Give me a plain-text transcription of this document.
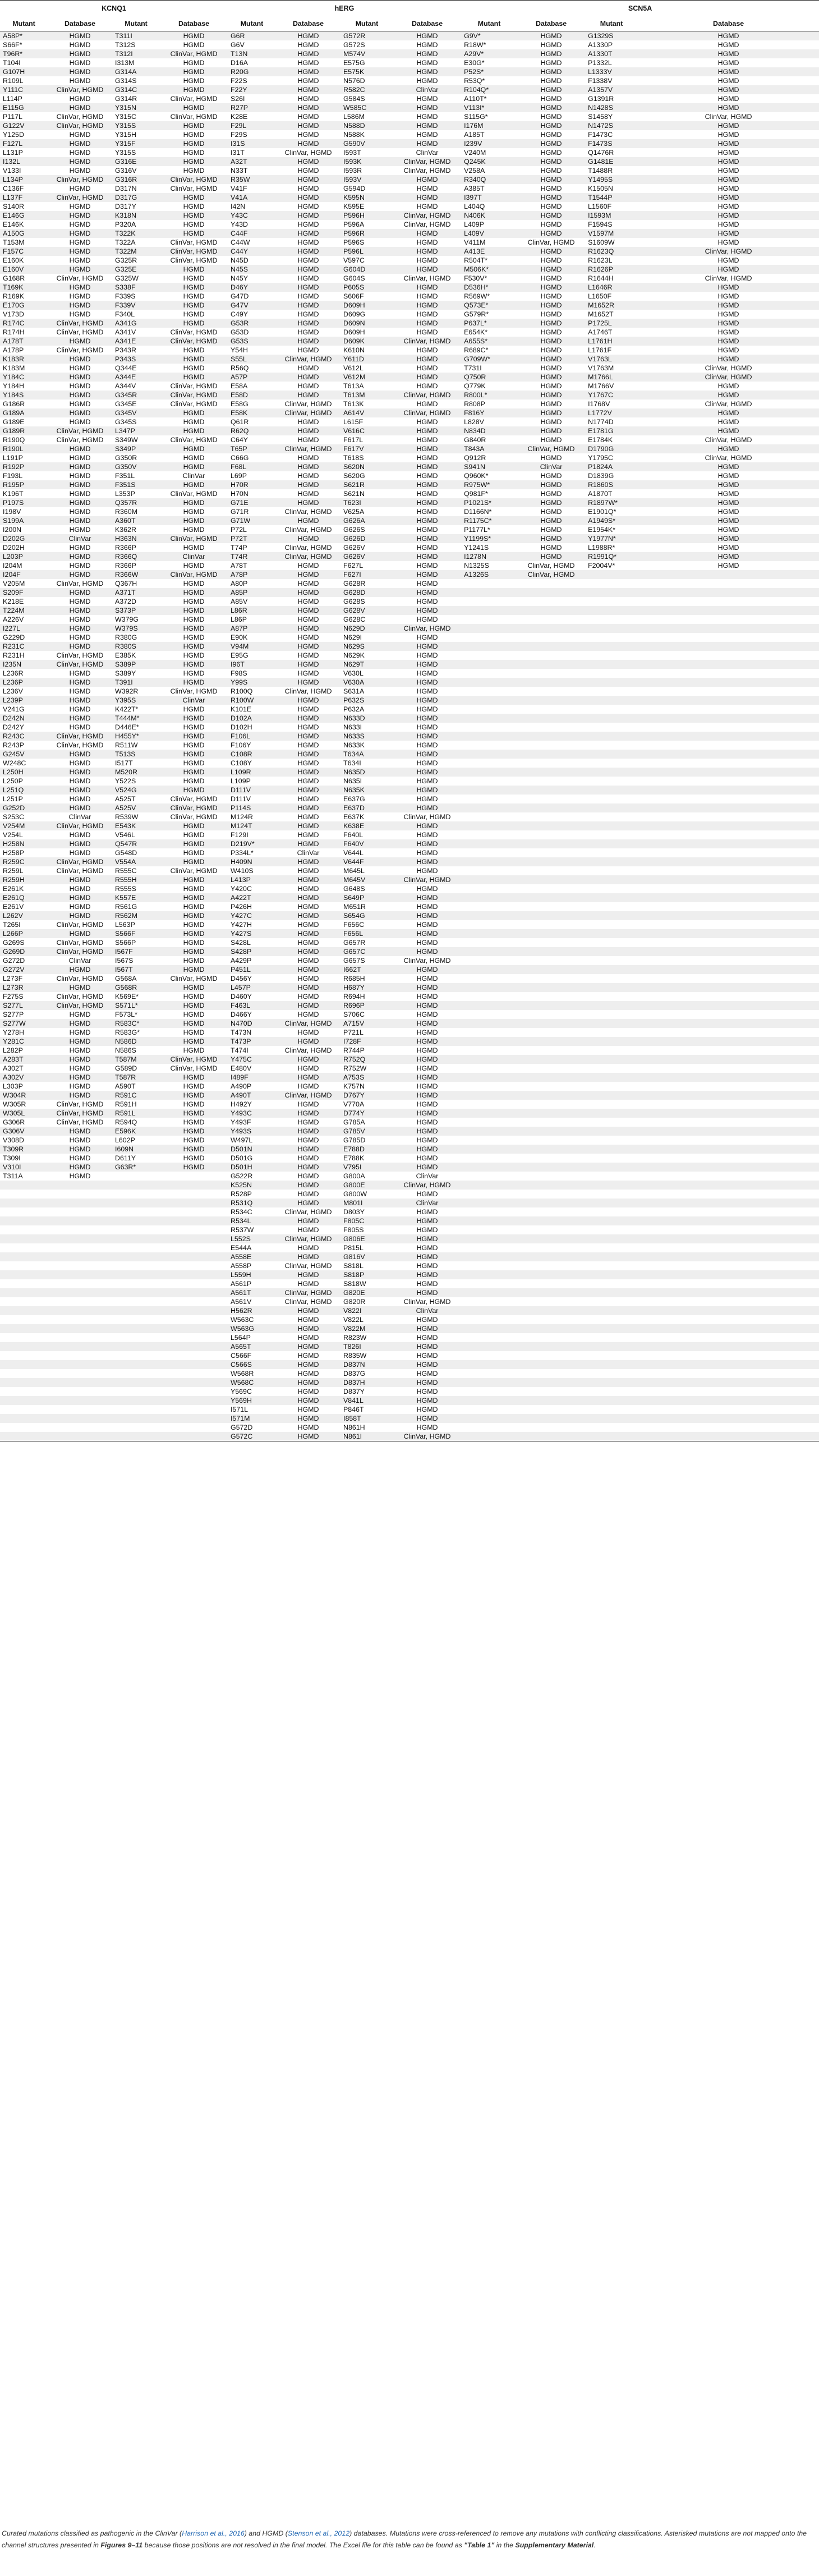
KCNQ1				hERG				SCN5A			
Mutant	Database	Mutant	Database	Mutant	Database	Mutant	Database	Mutant	Database	Mutant	Database
A58P*	HGMD	T311I	HGMD	G6R	HGMD	G572R	HGMD	G9V*	HGMD	G1329S	HGMD
S66F*	HGMD	T312S	HGMD	G6V	HGMD	G572S	HGMD	R18W*	HGMD	A1330P	HGMD
T96R*	HGMD	T312I	ClinVar, HGMD	T13N	HGMD	M574V	HGMD	A29V*	HGMD	A1330T	HGMD
T104I	HGMD	I313M	HGMD	D16A	HGMD	E575G	HGMD	E30G*	HGMD	P1332L	HGMD
G107H	HGMD	G314A	HGMD	R20G	HGMD	E575K	HGMD	P52S*	HGMD	L1333V	HGMD
R109L	HGMD	G314S	HGMD	F22S	HGMD	N576D	HGMD	R53Q*	HGMD	F1338V	HGMD
Y111C	ClinVar, HGMD	G314C	HGMD	F22Y	HGMD	R582C	ClinVar	R104Q*	HGMD	A1357V	HGMD
L114P	HGMD	G314R	ClinVar, HGMD	S26I	HGMD	G584S	HGMD	A110T*	HGMD	G1391R	HGMD
E115G	HGMD	Y315N	HGMD	R27P	HGMD	W585C	HGMD	V113I*	HGMD	N1428S	HGMD
P117L	ClinVar, HGMD	Y315C	ClinVar, HGMD	K28E	HGMD	L586M	HGMD	S115G*	HGMD	S1458Y	ClinVar, HGMD
G122V	ClinVar, HGMD	Y315S	HGMD	F29L	HGMD	N588D	HGMD	I176M	HGMD	N1472S	HGMD
Y125D	HGMD	Y315H	HGMD	F29S	HGMD	N588K	HGMD	A185T	HGMD	F1473C	HGMD
F127L	HGMD	Y315F	HGMD	I31S	HGMD	G590V	HGMD	I239V	HGMD	F1473S	HGMD
L131P	HGMD	Y315S	HGMD	I31T	ClinVar, HGMD	I593T	ClinVar	V240M	HGMD	Q1476R	HGMD
I132L	HGMD	G316E	HGMD	A32T	HGMD	I593K	ClinVar, HGMD	Q245K	HGMD	G1481E	HGMD
V133I	HGMD	G316V	HGMD	N33T	HGMD	I593R	ClinVar, HGMD	V258A	HGMD	T1488R	HGMD
L134P	ClinVar, HGMD	G316R	ClinVar, HGMD	R35W	HGMD	I593V	HGMD	R340Q	HGMD	Y1495S	HGMD
C136F	HGMD	D317N	ClinVar, HGMD	V41F	HGMD	G594D	HGMD	A385T	HGMD	K1505N	HGMD
L137F	ClinVar, HGMD	D317G	HGMD	V41A	HGMD	K595N	HGMD	I397T	HGMD	T1544P	HGMD
S140R	HGMD	D317Y	HGMD	I42N	HGMD	K595E	HGMD	L404Q	HGMD	L1560F	HGMD
E146G	HGMD	K318N	HGMD	Y43C	HGMD	P596H	ClinVar, HGMD	N406K	HGMD	I1593M	HGMD
E146K	HGMD	P320A	HGMD	Y43D	HGMD	P596A	ClinVar, HGMD	L409P	HGMD	F1594S	HGMD
A150G	HGMD	T322K	HGMD	C44F	HGMD	P596R	HGMD	L409V	HGMD	V1597M	HGMD
T153M	HGMD	T322A	ClinVar, HGMD	C44W	HGMD	P596S	HGMD	V411M	ClinVar, HGMD	S1609W	HGMD
F157C	HGMD	T322M	ClinVar, HGMD	C44Y	HGMD	P596L	HGMD	A413E	HGMD	R1623Q	ClinVar, HGMD
E160K	HGMD	G325R	ClinVar, HGMD	N45D	HGMD	V597C	HGMD	R504T*	HGMD	R1623L	HGMD
E160V	HGMD	G325E	HGMD	N45S	HGMD	G604D	HGMD	M506K*	HGMD	R1626P	HGMD
G168R	ClinVar, HGMD	G325W	HGMD	N45Y	HGMD	G604S	ClinVar, HGMD	F530V*	HGMD	R1644H	ClinVar, HGMD
T169K	HGMD	S338F	HGMD	D46Y	HGMD	P605S	HGMD	D536H*	HGMD	L1646R	HGMD
R169K	HGMD	F339S	HGMD	G47D	HGMD	S606F	HGMD	R569W*	HGMD	L1650F	HGMD
E170G	HGMD	F339V	HGMD	G47V	HGMD	D609H	HGMD	Q573E*	HGMD	M1652R	HGMD
V173D	HGMD	F340L	HGMD	C49Y	HGMD	D609G	HGMD	G579R*	HGMD	M1652T	HGMD
R174C	ClinVar, HGMD	A341G	HGMD	G53R	HGMD	D609N	HGMD	P637L*	HGMD	P1725L	HGMD
R174H	ClinVar, HGMD	A341V	ClinVar, HGMD	G53D	HGMD	D609H	HGMD	E654K*	HGMD	A1746T	HGMD
A178T	HGMD	A341E	ClinVar, HGMD	G53S	HGMD	D609K	ClinVar, HGMD	A655S*	HGMD	L1761H	HGMD
A178P	ClinVar, HGMD	P343R	HGMD	Y54H	HGMD	K610N	HGMD	R689C*	HGMD	L1761F	HGMD
K183R	HGMD	P343S	HGMD	S55L	ClinVar, HGMD	Y611D	HGMD	G709W*	HGMD	V1763L	HGMD
K183M	HGMD	Q344E	HGMD	R56Q	HGMD	V612L	HGMD	T731I	HGMD	V1763M	ClinVar, HGMD
Y184C	HGMD	A344E	HGMD	A57P	HGMD	V612M	HGMD	Q750R	HGMD	M1766L	ClinVar, HGMD
Y184H	HGMD	A344V	ClinVar, HGMD	E58A	HGMD	T613A	HGMD	Q779K	HGMD	M1766V	HGMD
Y184S	HGMD	G345R	ClinVar, HGMD	E58D	HGMD	T613M	ClinVar, HGMD	R800L*	HGMD	Y1767C	HGMD
G186R	HGMD	G345E	ClinVar, HGMD	E58G	ClinVar, HGMD	T613K	HGMD	R808P	HGMD	I1768V	ClinVar, HGMD
G189A	HGMD	G345V	HGMD	E58K	ClinVar, HGMD	A614V	ClinVar, HGMD	F816Y	HGMD	L1772V	HGMD
G189E	HGMD	G345S	HGMD	Q61R	HGMD	L615F	HGMD	L828V	HGMD	N1774D	HGMD
G189R	ClinVar, HGMD	L347P	HGMD	R62Q	HGMD	V616C	HGMD	N834D	HGMD	E1781G	HGMD
R190Q	ClinVar, HGMD	S349W	ClinVar, HGMD	C64Y	HGMD	F617L	HGMD	G840R	HGMD	E1784K	ClinVar, HGMD
R190L	HGMD	S349P	HGMD	T65P	ClinVar, HGMD	F617V	HGMD	T843A	ClinVar, HGMD	D1790G	HGMD
L191P	HGMD	G350R	HGMD	C66G	HGMD	T618S	HGMD	Q912R	HGMD	Y1795C	ClinVar, HGMD
R192P	HGMD	G350V	HGMD	F68L	HGMD	S620N	HGMD	S941N	ClinVar	P1824A	HGMD
F193L	HGMD	F351L	ClinVar	L69P	HGMD	S620G	HGMD	Q960K*	HGMD	D1839G	HGMD
R195P	HGMD	F351S	HGMD	H70R	HGMD	S621R	HGMD	R975W*	HGMD	R1860S	HGMD
K196T	HGMD	L353P	ClinVar, HGMD	H70N	HGMD	S621N	HGMD	Q981F*	HGMD	A1870T	HGMD
P197S	HGMD	Q357R	HGMD	G71E	HGMD	T623I	HGMD	P1021S*	HGMD	R1897W*	HGMD
I198V	HGMD	R360M	HGMD	G71R	ClinVar, HGMD	V625A	HGMD	D1166N*	HGMD	E1901Q*	HGMD
S199A	HGMD	A360T	HGMD	G71W	HGMD	G626A	HGMD	R1175C*	HGMD	A1949S*	HGMD
I200N	HGMD	K362R	HGMD	P72L	ClinVar, HGMD	G626S	HGMD	P1177L*	HGMD	E1954K*	HGMD
D202G	ClinVar	H363N	ClinVar, HGMD	P72T	HGMD	G626D	HGMD	Y1199S*	HGMD	Y1977N*	HGMD
D202H	HGMD	R366P	HGMD	T74P	ClinVar, HGMD	G626V	HGMD	Y1241S	HGMD	L1988R*	HGMD
L203P	HGMD	R366Q	ClinVar	T74R	ClinVar, HGMD	G626V	HGMD	I1278N	HGMD	R1991Q*	HGMD
I204M	HGMD	R366P	HGMD	A78T	HGMD	F627L	HGMD	N1325S	ClinVar, HGMD	F2004V*	HGMD
I204F	HGMD	R366W	ClinVar, HGMD	A78P	HGMD	F627I	HGMD	A1326S	ClinVar, HGMD		
V205M	ClinVar, HGMD	Q367H	HGMD	A80P	HGMD	G628R	HGMD				
S209F	HGMD	A371T	HGMD	A85P	HGMD	G628D	HGMD				
K218E	HGMD	A372D	HGMD	A85V	HGMD	G628S	HGMD				
T224M	HGMD	S373P	HGMD	L86R	HGMD	G628V	HGMD				
A226V	HGMD	W379G	HGMD	L86P	HGMD	G628C	HGMD				
I227L	HGMD	W379S	HGMD	A87P	HGMD	N629D	ClinVar, HGMD				
G229D	HGMD	R380G	HGMD	E90K	HGMD	N629I	HGMD				
R231C	HGMD	R380S	HGMD	V94M	HGMD	N629S	HGMD				
R231H	ClinVar, HGMD	E385K	HGMD	E95G	HGMD	N629K	HGMD				
I235N	ClinVar, HGMD	S389P	HGMD	I96T	HGMD	N629T	HGMD				
L236R	HGMD	S389Y	HGMD	F98S	HGMD	V630L	HGMD				
L236P	HGMD	T391I	HGMD	Y99S	HGMD	V630A	HGMD				
L236V	HGMD	W392R	ClinVar, HGMD	R100Q	ClinVar, HGMD	S631A	HGMD				
L239P	HGMD	Y395S	ClinVar	R100W	HGMD	P632S	HGMD				
V241G	HGMD	K422T*	HGMD	K101E	HGMD	P632A	HGMD				
D242N	HGMD	T444M*	HGMD	D102A	HGMD	N633D	HGMD				
D242Y	HGMD	D446E*	HGMD	D102H	HGMD	N633I	HGMD				
R243C	ClinVar, HGMD	H455Y*	HGMD	F106L	HGMD	N633S	HGMD				
R243P	ClinVar, HGMD	R511W	HGMD	F106Y	HGMD	N633K	HGMD				
G245V	HGMD	T513S	HGMD	C108R	HGMD	T634A	HGMD				
W248C	HGMD	I517T	HGMD	C108Y	HGMD	T634I	HGMD				
L250H	HGMD	M520R	HGMD	L109R	HGMD	N635D	HGMD				
L250P	HGMD	Y522S	HGMD	L109P	HGMD	N635I	HGMD				
L251Q	HGMD	V524G	HGMD	D111V	HGMD	N635K	HGMD				
L251P	HGMD	A525T	ClinVar, HGMD	D111V	HGMD	E637G	HGMD				
G252D	HGMD	A525V	ClinVar, HGMD	P114S	HGMD	E637D	HGMD				
S253C	ClinVar	R539W	ClinVar, HGMD	M124R	HGMD	E637K	ClinVar, HGMD				
V254M	ClinVar, HGMD	E543K	HGMD	M124T	HGMD	K638E	HGMD				
V254L	HGMD	V546L	HGMD	F129I	HGMD	F640L	HGMD				
H258N	HGMD	Q547R	HGMD	D219V*	HGMD	F640V	HGMD				
H258P	HGMD	G548D	HGMD	P334L*	ClinVar	V644L	HGMD				
R259C	ClinVar, HGMD	V554A	HGMD	H409N	HGMD	V644F	HGMD				
R259L	ClinVar, HGMD	R555C	ClinVar, HGMD	W410S	HGMD	M645L	HGMD				
R259H	HGMD	R555H	HGMD	L413P	HGMD	M645V	ClinVar, HGMD				
E261K	HGMD	R555S	HGMD	Y420C	HGMD	G648S	HGMD				
E261Q	HGMD	K557E	HGMD	A422T	HGMD	S649P	HGMD				
E261V	HGMD	R561G	HGMD	P426H	HGMD	M651R	HGMD				
L262V	HGMD	R562M	HGMD	Y427C	HGMD	S654G	HGMD				
T265I	ClinVar, HGMD	L563P	HGMD	Y427H	HGMD	F656C	HGMD				
L266P	HGMD	S566F	HGMD	Y427S	HGMD	F656L	HGMD				
G269S	ClinVar, HGMD	S566P	HGMD	S428L	HGMD	G657R	HGMD				
G269D	ClinVar, HGMD	I567F	HGMD	S428P	HGMD	G657C	HGMD				
G272D	ClinVar	I567S	HGMD	A429P	HGMD	G657S	ClinVar, HGMD				
G272V	HGMD	I567T	HGMD	P451L	HGMD	I662T	HGMD				
L273F	ClinVar, HGMD	G568A	ClinVar, HGMD	D456Y	HGMD	R685H	HGMD				
L273R	HGMD	G568R	HGMD	L457P	HGMD	H687Y	HGMD				
F275S	ClinVar, HGMD	K569E*	HGMD	D460Y	HGMD	R694H	HGMD				
S277L	ClinVar, HGMD	S571L*	HGMD	F463L	HGMD	R696P	HGMD				
S277P	HGMD	F573L*	HGMD	D466Y	HGMD	S706C	HGMD				
S277W	HGMD	R583C*	HGMD	N470D	ClinVar, HGMD	A715V	HGMD				
Y278H	HGMD	R583G*	HGMD	T473N	HGMD	P721L	HGMD				
Y281C	HGMD	N586D	HGMD	T473P	HGMD	I728F	HGMD				
L282P	HGMD	N586S	HGMD	T474I	ClinVar, HGMD	R744P	HGMD				
A283T	HGMD	T587M	ClinVar, HGMD	Y475C	HGMD	R752Q	HGMD				
A302T	HGMD	G589D	ClinVar, HGMD	E480V	HGMD	R752W	HGMD				
A302V	HGMD	T587R	HGMD	I489F	HGMD	A753S	HGMD				
L303P	HGMD	A590T	HGMD	A490P	HGMD	K757N	HGMD				
W304R	HGMD	R591C	HGMD	A490T	ClinVar, HGMD	D767Y	HGMD				
W305R	ClinVar, HGMD	R591H	HGMD	H492Y	HGMD	V770A	HGMD				
W305L	ClinVar, HGMD	R591L	HGMD	Y493C	HGMD	D774Y	HGMD				
G306R	ClinVar, HGMD	R594Q	HGMD	Y493F	HGMD	G785A	HGMD				
G306V	HGMD	E596K	HGMD	Y493S	HGMD	G785V	HGMD				
V308D	HGMD	L602P	HGMD	W497L	HGMD	G785D	HGMD				
T309R	HGMD	I609N	HGMD	D501N	HGMD	E788D	HGMD				
T309I	HGMD	D611Y	HGMD	D501G	HGMD	E788K	HGMD				
V310I	HGMD	G63R*	HGMD	D501H	HGMD	V795I	HGMD				
T311A	HGMD			G522R	HGMD	G800A	ClinVar				
				K525N	HGMD	G800E	ClinVar, HGMD				
				R528P	HGMD	G800W	HGMD				
				R531Q	HGMD	M801I	ClinVar				
				R534C	ClinVar, HGMD	D803Y	HGMD				
				R534L	HGMD	F805C	HGMD				
				R537W	HGMD	F805S	HGMD				
				L552S	ClinVar, HGMD	G806E	HGMD				
				E544A	HGMD	P815L	HGMD				
				A558E	HGMD	G816V	HGMD				
				A558P	ClinVar, HGMD	S818L	HGMD				
				L559H	HGMD	S818P	HGMD				
				A561P	HGMD	S818W	HGMD				
				A561T	ClinVar, HGMD	G820E	HGMD				
				A561V	ClinVar, HGMD	G820R	ClinVar, HGMD				
				H562R	HGMD	V822I	ClinVar				
				W563C	HGMD	V822L	HGMD				
				W563G	HGMD	V822M	HGMD				
				L564P	HGMD	R823W	HGMD				
				A565T	HGMD	T826I	HGMD				
				C566F	HGMD	R835W	HGMD				
				C566S	HGMD	D837N	HGMD				
				W568R	HGMD	D837G	HGMD				
				W568C	HGMD	D837H	HGMD				
				Y569C	HGMD	D837Y	HGMD				
				Y569H	HGMD	V841L	HGMD				
				I571L	HGMD	P846T	HGMD				
				I571M	HGMD	I858T	HGMD				
				G572D	HGMD	N861H	HGMD				
				G572C	HGMD	N861I	ClinVar, HGMD				
Curated mutations classified as pathogenic in the ClinVar (Harrison et al., 2016) and HGMD (Stenson et al., 2012) databases. Mutations were cross-referenced to remove any mutations with conflicting classifications. Asterisked mutations are not mapped onto the channel structures presented in Figures 9–11 because those positions are not resolved in the final model. The Excel file for this table can be found as "Table 1" in the Supplementary Material.
